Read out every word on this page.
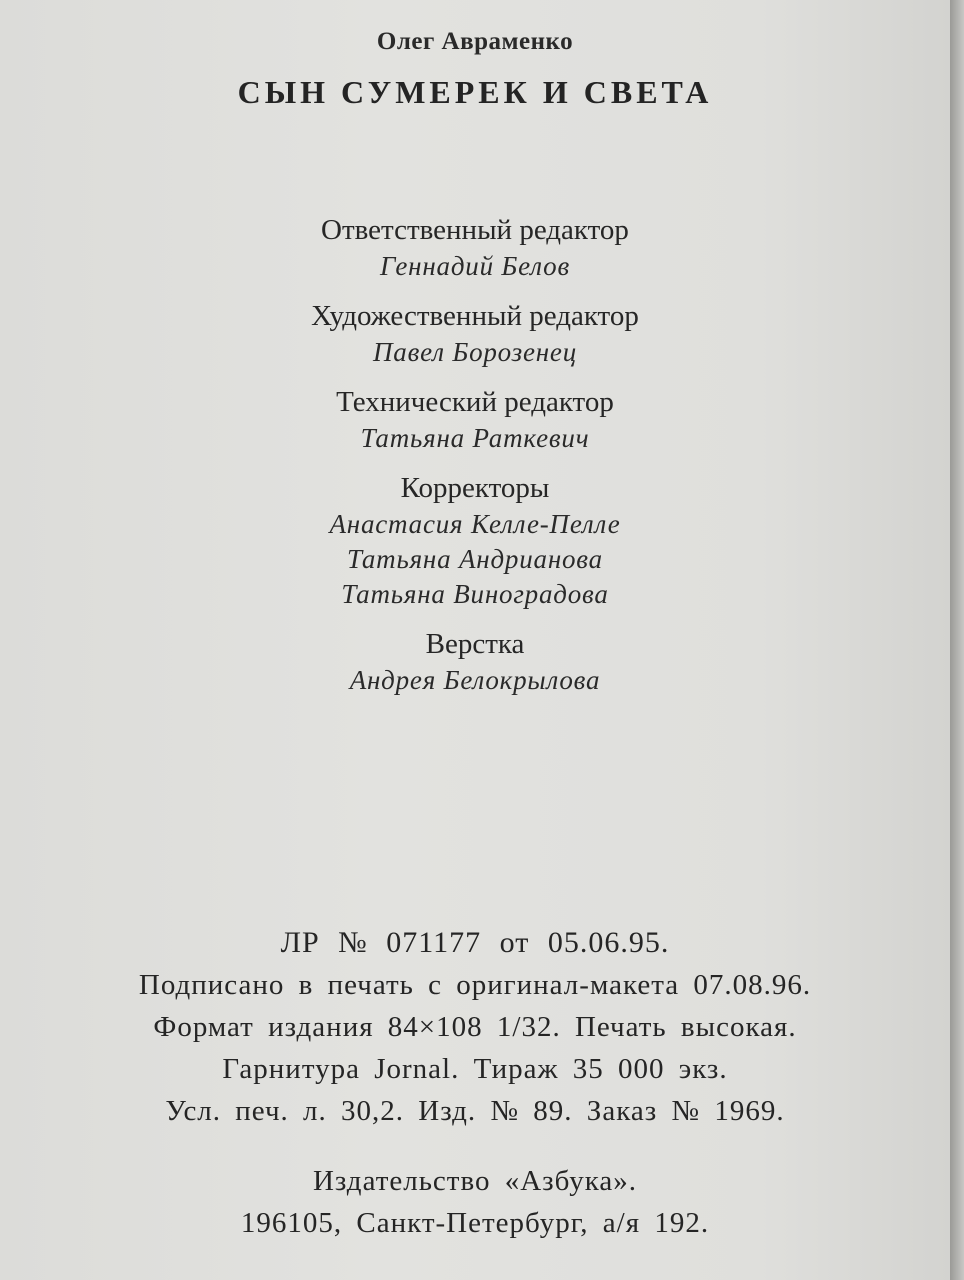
Олег Авраменко
СЫН СУМЕРЕК И СВЕТА
Ответственный редактор
Геннадий Белов
Художественный редактор
Павел Борозенец
Технический редактор
Татьяна Раткевич
Корректоры
Анастасия Келле-Пелле
Татьяна Андрианова
Татьяна Виноградова
Верстка
Андрея Белокрылова
ЛР № 071177 от 05.06.95.
Подписано в печать с оригинал-макета 07.08.96.
Формат издания 84×108 1/32. Печать высокая.
Гарнитура Jornal. Тираж 35 000 экз.
Усл. печ. л. 30,2. Изд. № 89. Заказ № 1969.
Издательство «Азбука».
196105, Санкт-Петербург, а/я 192.
